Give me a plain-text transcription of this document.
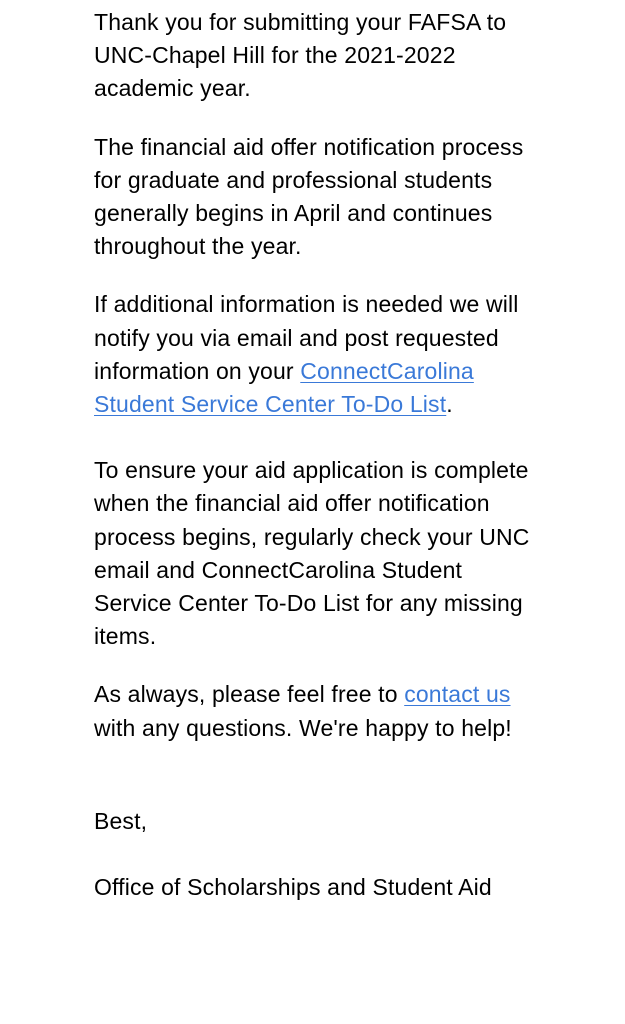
Thank you for submitting your FAFSA to UNC-Chapel Hill for the 2021-2022 academic year.

The financial aid offer notification process for graduate and professional students generally begins in April and continues throughout the year.

If additional information is needed we will notify you via email and post requested information on your ConnectCarolina Student Service Center To-Do List.

To ensure your aid application is complete when the financial aid offer notification process begins, regularly check your UNC email and ConnectCarolina Student Service Center To-Do List for any missing items.

As always, please feel free to contact us with any questions. We're happy to help!

Best,

Office of Scholarships and Student Aid
